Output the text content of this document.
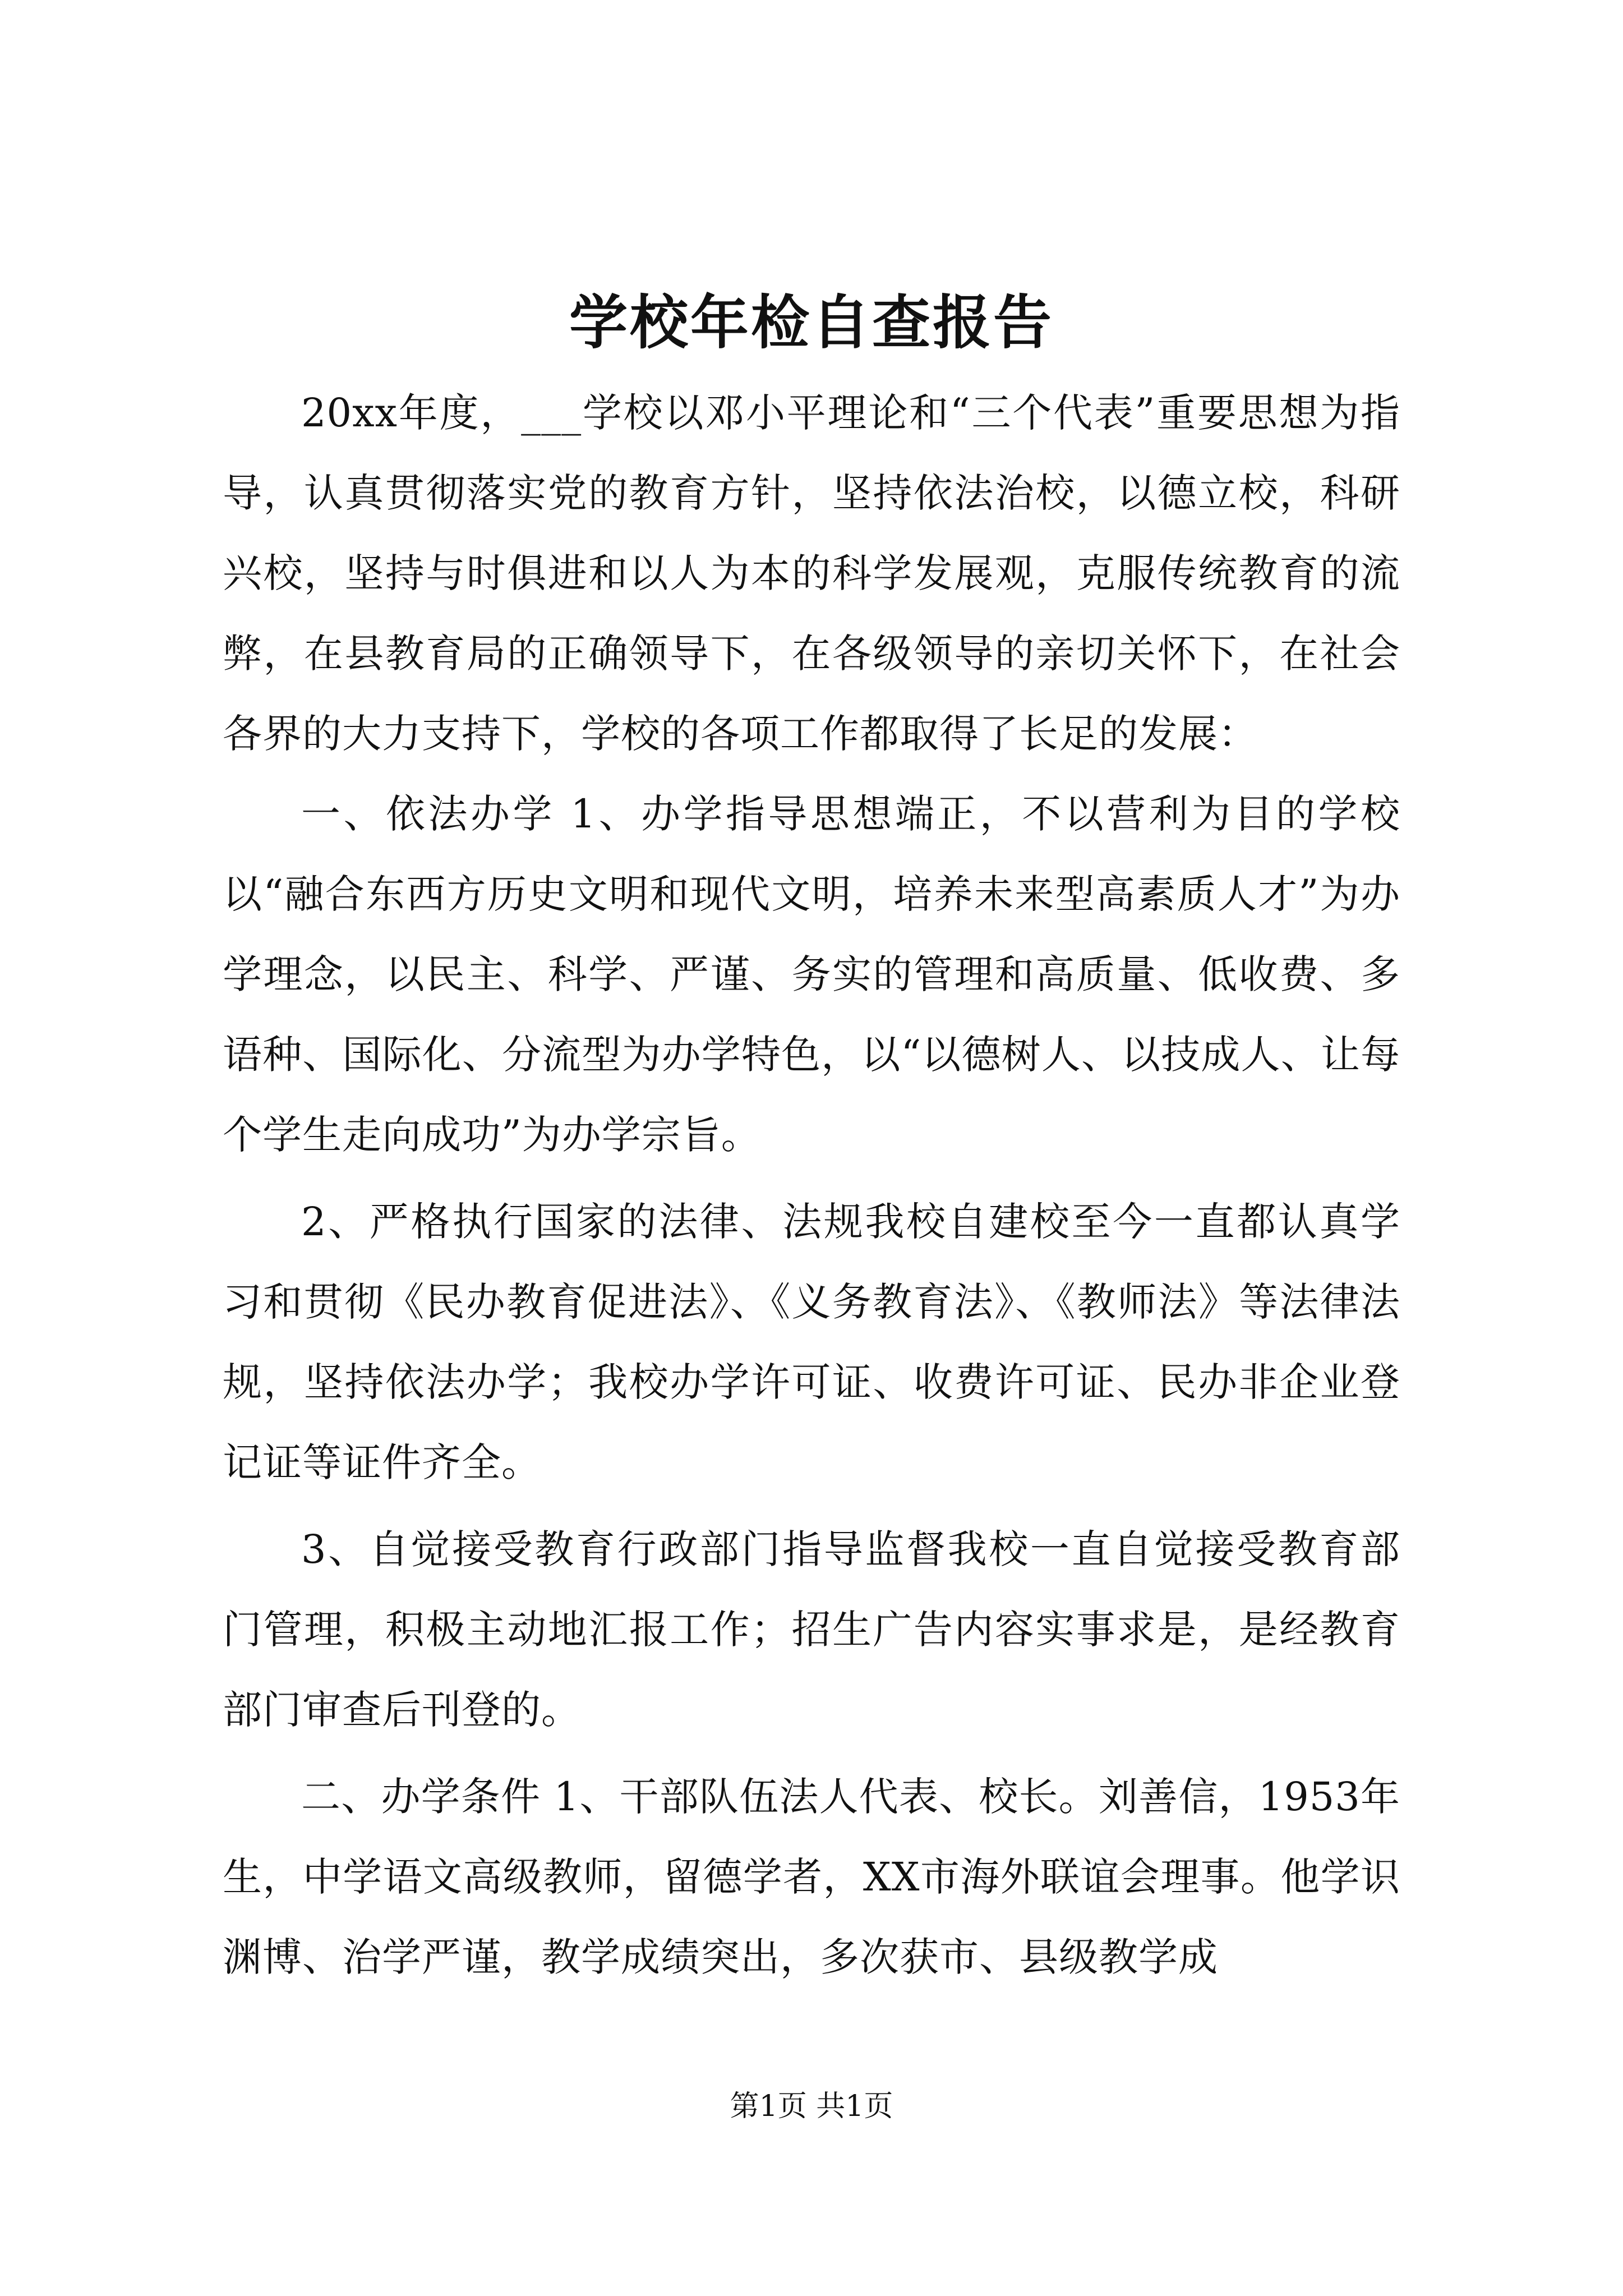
学校年检自查报告

20xx年度，___学校以邓小平理论和“三个代表”重要思想为指导，认真贯彻落实党的教育方针，坚持依法治校，以德立校，科研兴校，坚持与时俱进和以人为本的科学发展观，克服传统教育的流弊，在县教育局的正确领导下，在各级领导的亲切关怀下，在社会各界的大力支持下，学校的各项工作都取得了长足的发展：

一、依法办学 1、办学指导思想端正，不以营利为目的学校以“融合东西方历史文明和现代文明，培养未来型高素质人才”为办学理念，以民主、科学、严谨、务实的管理和高质量、低收费、多语种、国际化、分流型为办学特色，以“以德树人、以技成人、让每个学生走向成功”为办学宗旨。

2、严格执行国家的法律、法规我校自建校至今一直都认真学习和贯彻《民办教育促进法》、《义务教育法》、《教师法》等法律法规，坚持依法办学；我校办学许可证、收费许可证、民办非企业登记证等证件齐全。

3、自觉接受教育行政部门指导监督我校一直自觉接受教育部门管理，积极主动地汇报工作；招生广告内容实事求是，是经教育部门审查后刊登的。

二、办学条件 1、干部队伍法人代表、校长。刘善信，1953年生，中学语文高级教师，留德学者，XX市海外联谊会理事。他学识渊博、治学严谨，教学成绩突出，多次获市、县级教学成

第1页 共1页
